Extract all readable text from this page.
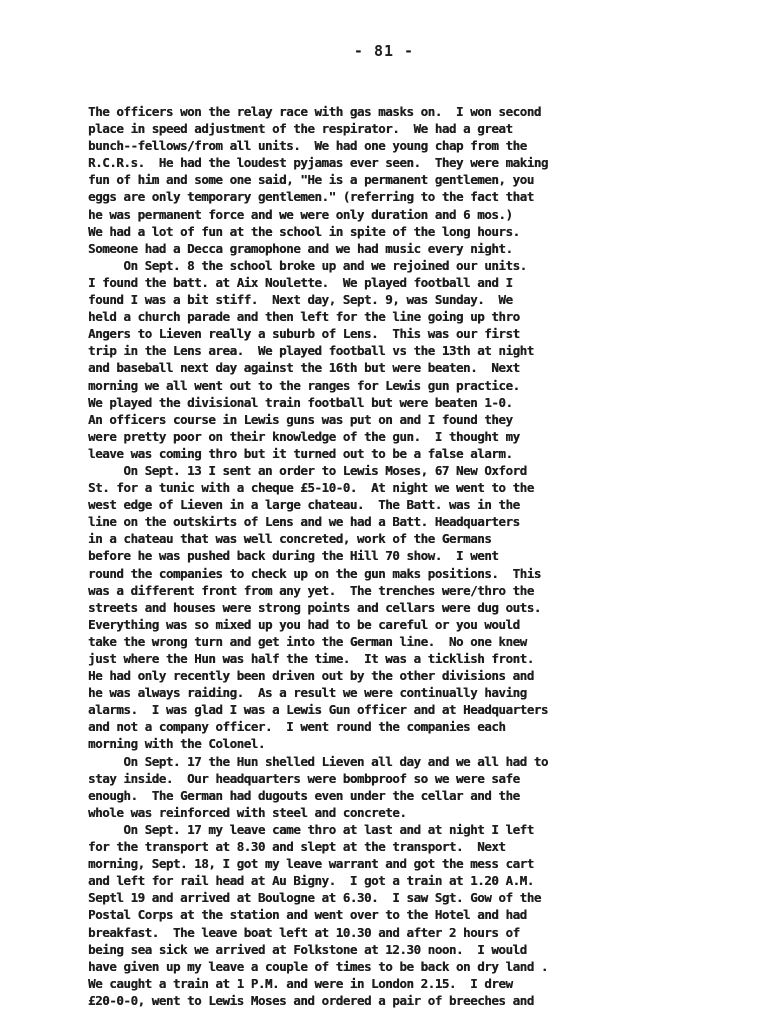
- 81 -
The officers won the relay race with gas masks on.  I won second
place in speed adjustment of the respirator.  We had a great
bunch--fellows/from all units.  We had one young chap from the
R.C.R.s.  He had the loudest pyjamas ever seen.  They were making
fun of him and some one said, "He is a permanent gentlemen, you
eggs are only temporary gentlemen." (referring to the fact that
he was permanent force and we were only duration and 6 mos.)
We had a lot of fun at the school in spite of the long hours.
Someone had a Decca gramophone and we had music every night.
On Sept. 8 the school broke up and we rejoined our units.
I found the batt. at Aix Noulette.  We played football and I
found I was a bit stiff.  Next day, Sept. 9, was Sunday.  We
held a church parade and then left for the line going up thro
Angers to Lieven really a suburb of Lens.  This was our first
trip in the Lens area.  We played football vs the 13th at night
and baseball next day against the 16th but were beaten.  Next
morning we all went out to the ranges for Lewis gun practice.
We played the divisional train football but were beaten 1-0.
An officers course in Lewis guns was put on and I found they
were pretty poor on their knowledge of the gun.  I thought my
leave was coming thro but it turned out to be a false alarm.
On Sept. 13 I sent an order to Lewis Moses, 67 New Oxford
St. for a tunic with a cheque £5-10-0.  At night we went to the
west edge of Lieven in a large chateau.  The Batt. was in the
line on the outskirts of Lens and we had a Batt. Headquarters
in a chateau that was well concreted, work of the Germans
before he was pushed back during the Hill 70 show.  I went
round the companies to check up on the gun maks positions.  This
was a different front from any yet.  The trenches were/thro the
streets and houses were strong points and cellars were dug outs.
Everything was so mixed up you had to be careful or you would
take the wrong turn and get into the German line.  No one knew
just where the Hun was half the time.  It was a ticklish front.
He had only recently been driven out by the other divisions and
he was always raiding.  As a result we were continually having
alarms.  I was glad I was a Lewis Gun officer and at Headquarters
and not a company officer.  I went round the companies each
morning with the Colonel.
On Sept. 17 the Hun shelled Lieven all day and we all had to
stay inside.  Our headquarters were bombproof so we were safe
enough.  The German had dugouts even under the cellar and the
whole was reinforced with steel and concrete.
On Sept. 17 my leave came thro at last and at night I left
for the transport at 8.30 and slept at the transport.  Next
morning, Sept. 18, I got my leave warrant and got the mess cart
and left for rail head at Au Bigny.  I got a train at 1.20 A.M.
Septl 19 and arrived at Boulogne at 6.30.  I saw Sgt. Gow of the
Postal Corps at the station and went over to the Hotel and had
breakfast.  The leave boat left at 10.30 and after 2 hours of
being sea sick we arrived at Folkstone at 12.30 noon.  I would
have given up my leave a couple of times to be back on dry land .
We caught a train at 1 P.M. and were in London 2.15.  I drew
£20-0-0, went to Lewis Moses and ordered a pair of breeches and
